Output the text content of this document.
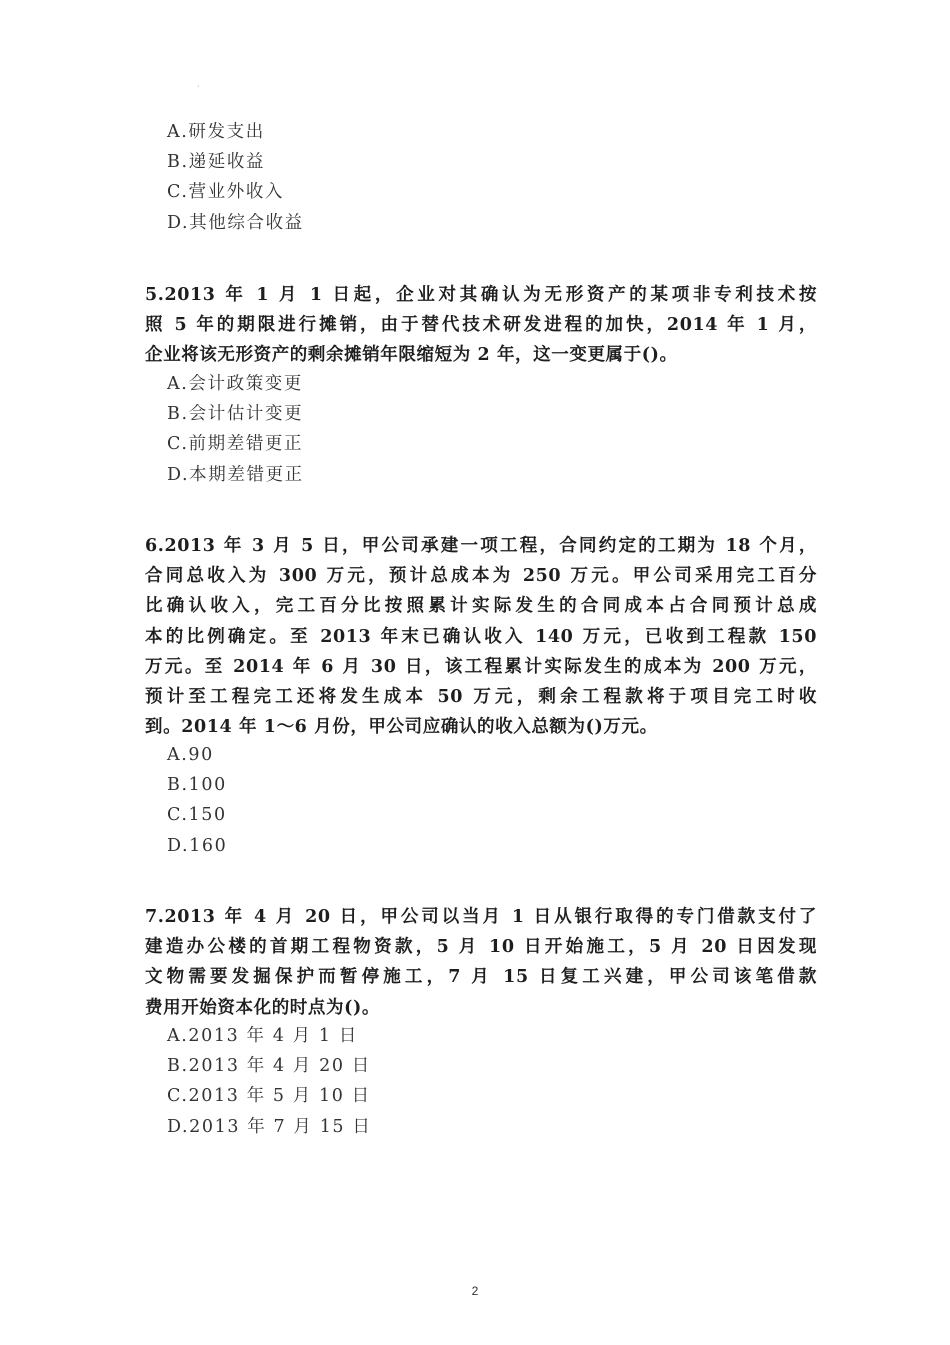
·
A.研发支出
B.递延收益
C.营业外收入
D.其他综合收益
5.2013 年 1 月 1 日起，企业对其确认为无形资产的某项非专利技术按
照 5 年的期限进行摊销，由于替代技术研发进程的加快，2014 年 1 月，
企业将该无形资产的剩余摊销年限缩短为 2 年，这一变更属于()。
A.会计政策变更
B.会计估计变更
C.前期差错更正
D.本期差错更正
6.2013 年 3 月 5 日，甲公司承建一项工程，合同约定的工期为 18 个月，
合同总收入为 300 万元，预计总成本为 250 万元。甲公司采用完工百分
比确认收入，完工百分比按照累计实际发生的合同成本占合同预计总成
本的比例确定。至 2013 年末已确认收入 140 万元，已收到工程款 150
万元。至 2014 年 6 月 30 日，该工程累计实际发生的成本为 200 万元，
预计至工程完工还将发生成本 50 万元，剩余工程款将于项目完工时收
到。2014 年 1～6 月份，甲公司应确认的收入总额为()万元。
A.90
B.100
C.150
D.160
7.2013 年 4 月 20 日，甲公司以当月 1 日从银行取得的专门借款支付了
建造办公楼的首期工程物资款，5 月 10 日开始施工，5 月 20 日因发现
文物需要发掘保护而暂停施工，7 月 15 日复工兴建，甲公司该笔借款
费用开始资本化的时点为()。
A.2013 年 4 月 1 日
B.2013 年 4 月 20 日
C.2013 年 5 月 10 日
D.2013 年 7 月 15 日
2
